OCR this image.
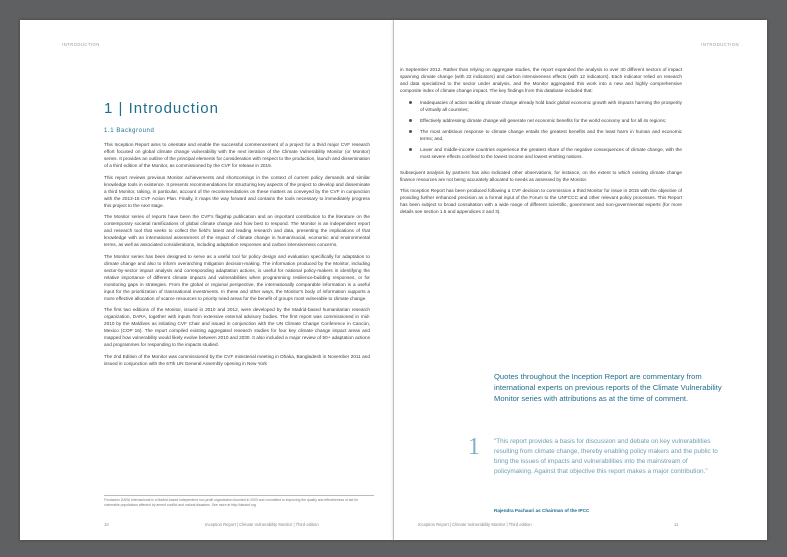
INTRODUCTION
1 | Introduction
1.1 Background

This Inception Report aims to orientate and enable the successful commencement of a project for a third major CVF research effort focused on global climate change vulnerability with the next iteration of the Climate Vulnerability Monitor (or Monitor) series. It provides an outline of the principal elements for consideration with respect to the production, launch and dissemination of a third edition of the Monitor, as commissioned by the CVF for release in 2015.

This report reviews previous Monitor achievements and shortcomings in the context of current policy demands and similar knowledge tools in existence. It presents recommendations for structuring key aspects of the project to develop and disseminate a third Monitor, taking, in particular, account of the recommendations on these matters as conveyed by the CVF in conjunction with the 2013-15 CVF Action Plan. Finally, it maps the way forward and contains the tools necessary to immediately progress this project to the next stage.

The Monitor series of reports have been the CVF's flagship publication and an important contribution to the literature on the contemporary societal ramifications of global climate change and how best to respond. The Monitor is an independent report and research tool that seeks to collect the field's latest and leading research and data, presenting the implications of that knowledge with an international assessment of the impact of climate change in human/social, economic and environmental terms, as well as associated considerations, including adaptation responses and carbon intensiveness concerns.

The Monitor series has been designed to serve as a useful tool for policy design and evaluation specifically for adaptation to climate change and also to inform overarching mitigation decision-making. The information produced by the Monitor, including sector-by-sector impact analysis and corresponding adaptation actions, is useful for national policy-makers in identifying the relative importance of different climate impacts and vulnerabilities when programming resilience-building responses, or for monitoring gaps in strategies. From the global or regional perspective, the internationally comparable information is a useful input for the prioritization of transnational investments. In these and other ways, the Monitor's body of information supports a more effective allocation of scarce resources to priority need areas for the benefit of groups most vulnerable to climate change.

The first two editions of the Monitor, issued in 2010 and 2012, were developed by the Madrid-based humanitarian research organization, DARA, together with inputs from extensive external advisory bodies. The first report was commissioned in mid-2010 by the Maldives as initiating CVF Chair and issued in conjunction with the UN Climate Change Conference in Cancún, Mexico (COP 16). The report compiled existing aggregated research studies for four key climate change impact areas and mapped how vulnerability would likely evolve between 2010 and 2030. It also included a major review of 50+ adaptation actions and programmes for responding to the impacts studied.

The 2nd Edition of the Monitor was commissioned by the CVF ministerial meeting in Dhaka, Bangladesh in November 2011 and issued in conjunction with the 67th UN General Assembly opening in New York

Fundación DARA Internacional is a Madrid-based independent non-profit organization founded in 2003 and committed to improving the quality and effectiveness of aid for vulnerable populations affected by armed conflict and natural disasters. See more at http://daraint.org
10	Inception Report | Climate Vulnerability Monitor | Third edition
INTRODUCTION

in September 2012. Rather than relying on aggregate studies, the report expanded the analysis to over 30 different sectors of impact spanning climate change (with 22 indicators) and carbon intensiveness effects (with 12 indicators). Each indicator relied on research and data specialized to the sector under analysis, and the Monitor aggregated this work into a new and highly comprehensive composite index of climate change impact. The key findings from this database included that:

Inadequacies of action tackling climate change already hold back global economic growth with impacts harming the prosperity of virtually all countries;
Effectively addressing climate change will generate net economic benefits for the world economy and for all its regions;
The most ambitious response to climate change entails the greatest benefits and the least harm in human and economic terms; and,
Lower and middle-income countries experience the greatest share of the negative consequences of climate change, with the most severe effects confined to the lowest income and lowest emitting nations.

Subsequent analysis by partners has also indicated other observations, for instance, on the extent to which existing climate change finance resources are not being accurately allocated to needs as assessed by the Monitor.

This Inception Report has been produced following a CVF decision to commission a third Monitor for issue in 2015 with the objective of providing further enhanced precision as a formal input of the Forum to the UNFCCC and other relevant policy processes. This Report has been subject to broad consultation with a wide range of different scientific, government and non-governmental experts (for more details see section 1.5 and appendices 2 and 3).

Quotes throughout the Inception Report are commentary from international experts on previous reports of the Climate Vulnerability Monitor series with attributions as at the time of comment.
1 "This report provides a basis for discussion and debate on key vulnerabilities resulting from climate change, thereby enabling policy makers and the public to bring the issues of impacts and vulnerabilities into the mainstream of policymaking. Against that objective this report makes a major contribution."
Rajendra Pachauri as Chairman of the IPCC
Inception Report | Climate Vulnerability Monitor | Third edition	11
